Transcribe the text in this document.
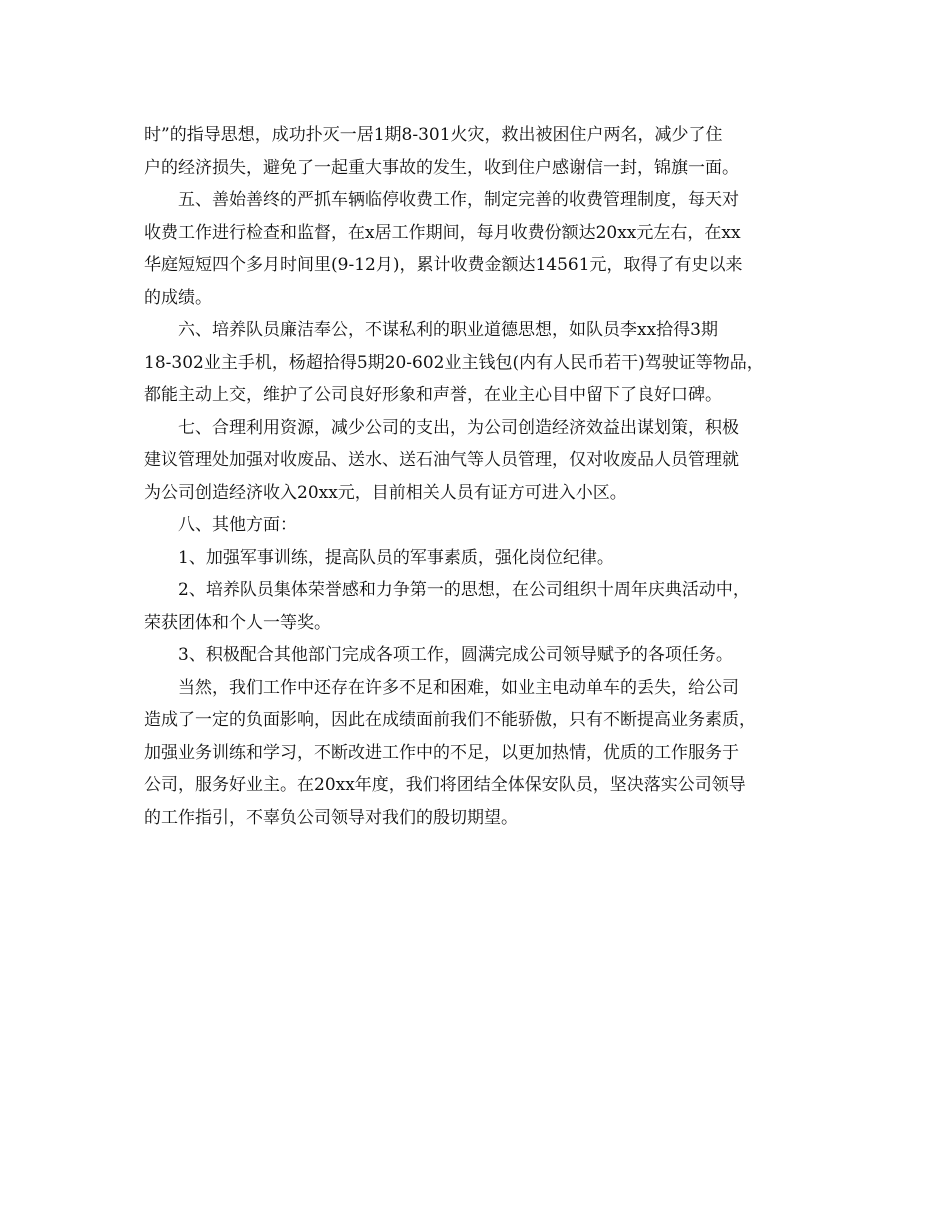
时”的指导思想，成功扑灭一居1期8-301火灾，救出被困住户两名，减少了住
户的经济损失，避免了一起重大事故的发生，收到住户感谢信一封，锦旗一面。
五、善始善终的严抓车辆临停收费工作，制定完善的收费管理制度，每天对
收费工作进行检查和监督，在x居工作期间，每月收费份额达20xx元左右，在xx
华庭短短四个多月时间里(9-12月)，累计收费金额达14561元，取得了有史以来
的成绩。
六、培养队员廉洁奉公，不谋私利的职业道德思想，如队员李xx拾得3期
18-302业主手机，杨超拾得5期20-602业主钱包(内有人民币若干)驾驶证等物品，
都能主动上交，维护了公司良好形象和声誉，在业主心目中留下了良好口碑。
七、合理利用资源，减少公司的支出，为公司创造经济效益出谋划策，积极
建议管理处加强对收废品、送水、送石油气等人员管理，仅对收废品人员管理就
为公司创造经济收入20xx元，目前相关人员有证方可进入小区。
八、其他方面：
1、加强军事训练，提高队员的军事素质，强化岗位纪律。
2、培养队员集体荣誉感和力争第一的思想，在公司组织十周年庆典活动中，
荣获团体和个人一等奖。
3、积极配合其他部门完成各项工作，圆满完成公司领导赋予的各项任务。
当然，我们工作中还存在许多不足和困难，如业主电动单车的丢失，给公司
造成了一定的负面影响，因此在成绩面前我们不能骄傲，只有不断提高业务素质，
加强业务训练和学习，不断改进工作中的不足，以更加热情，优质的工作服务于
公司，服务好业主。在20xx年度，我们将团结全体保安队员，坚决落实公司领导
的工作指引，不辜负公司领导对我们的殷切期望。
